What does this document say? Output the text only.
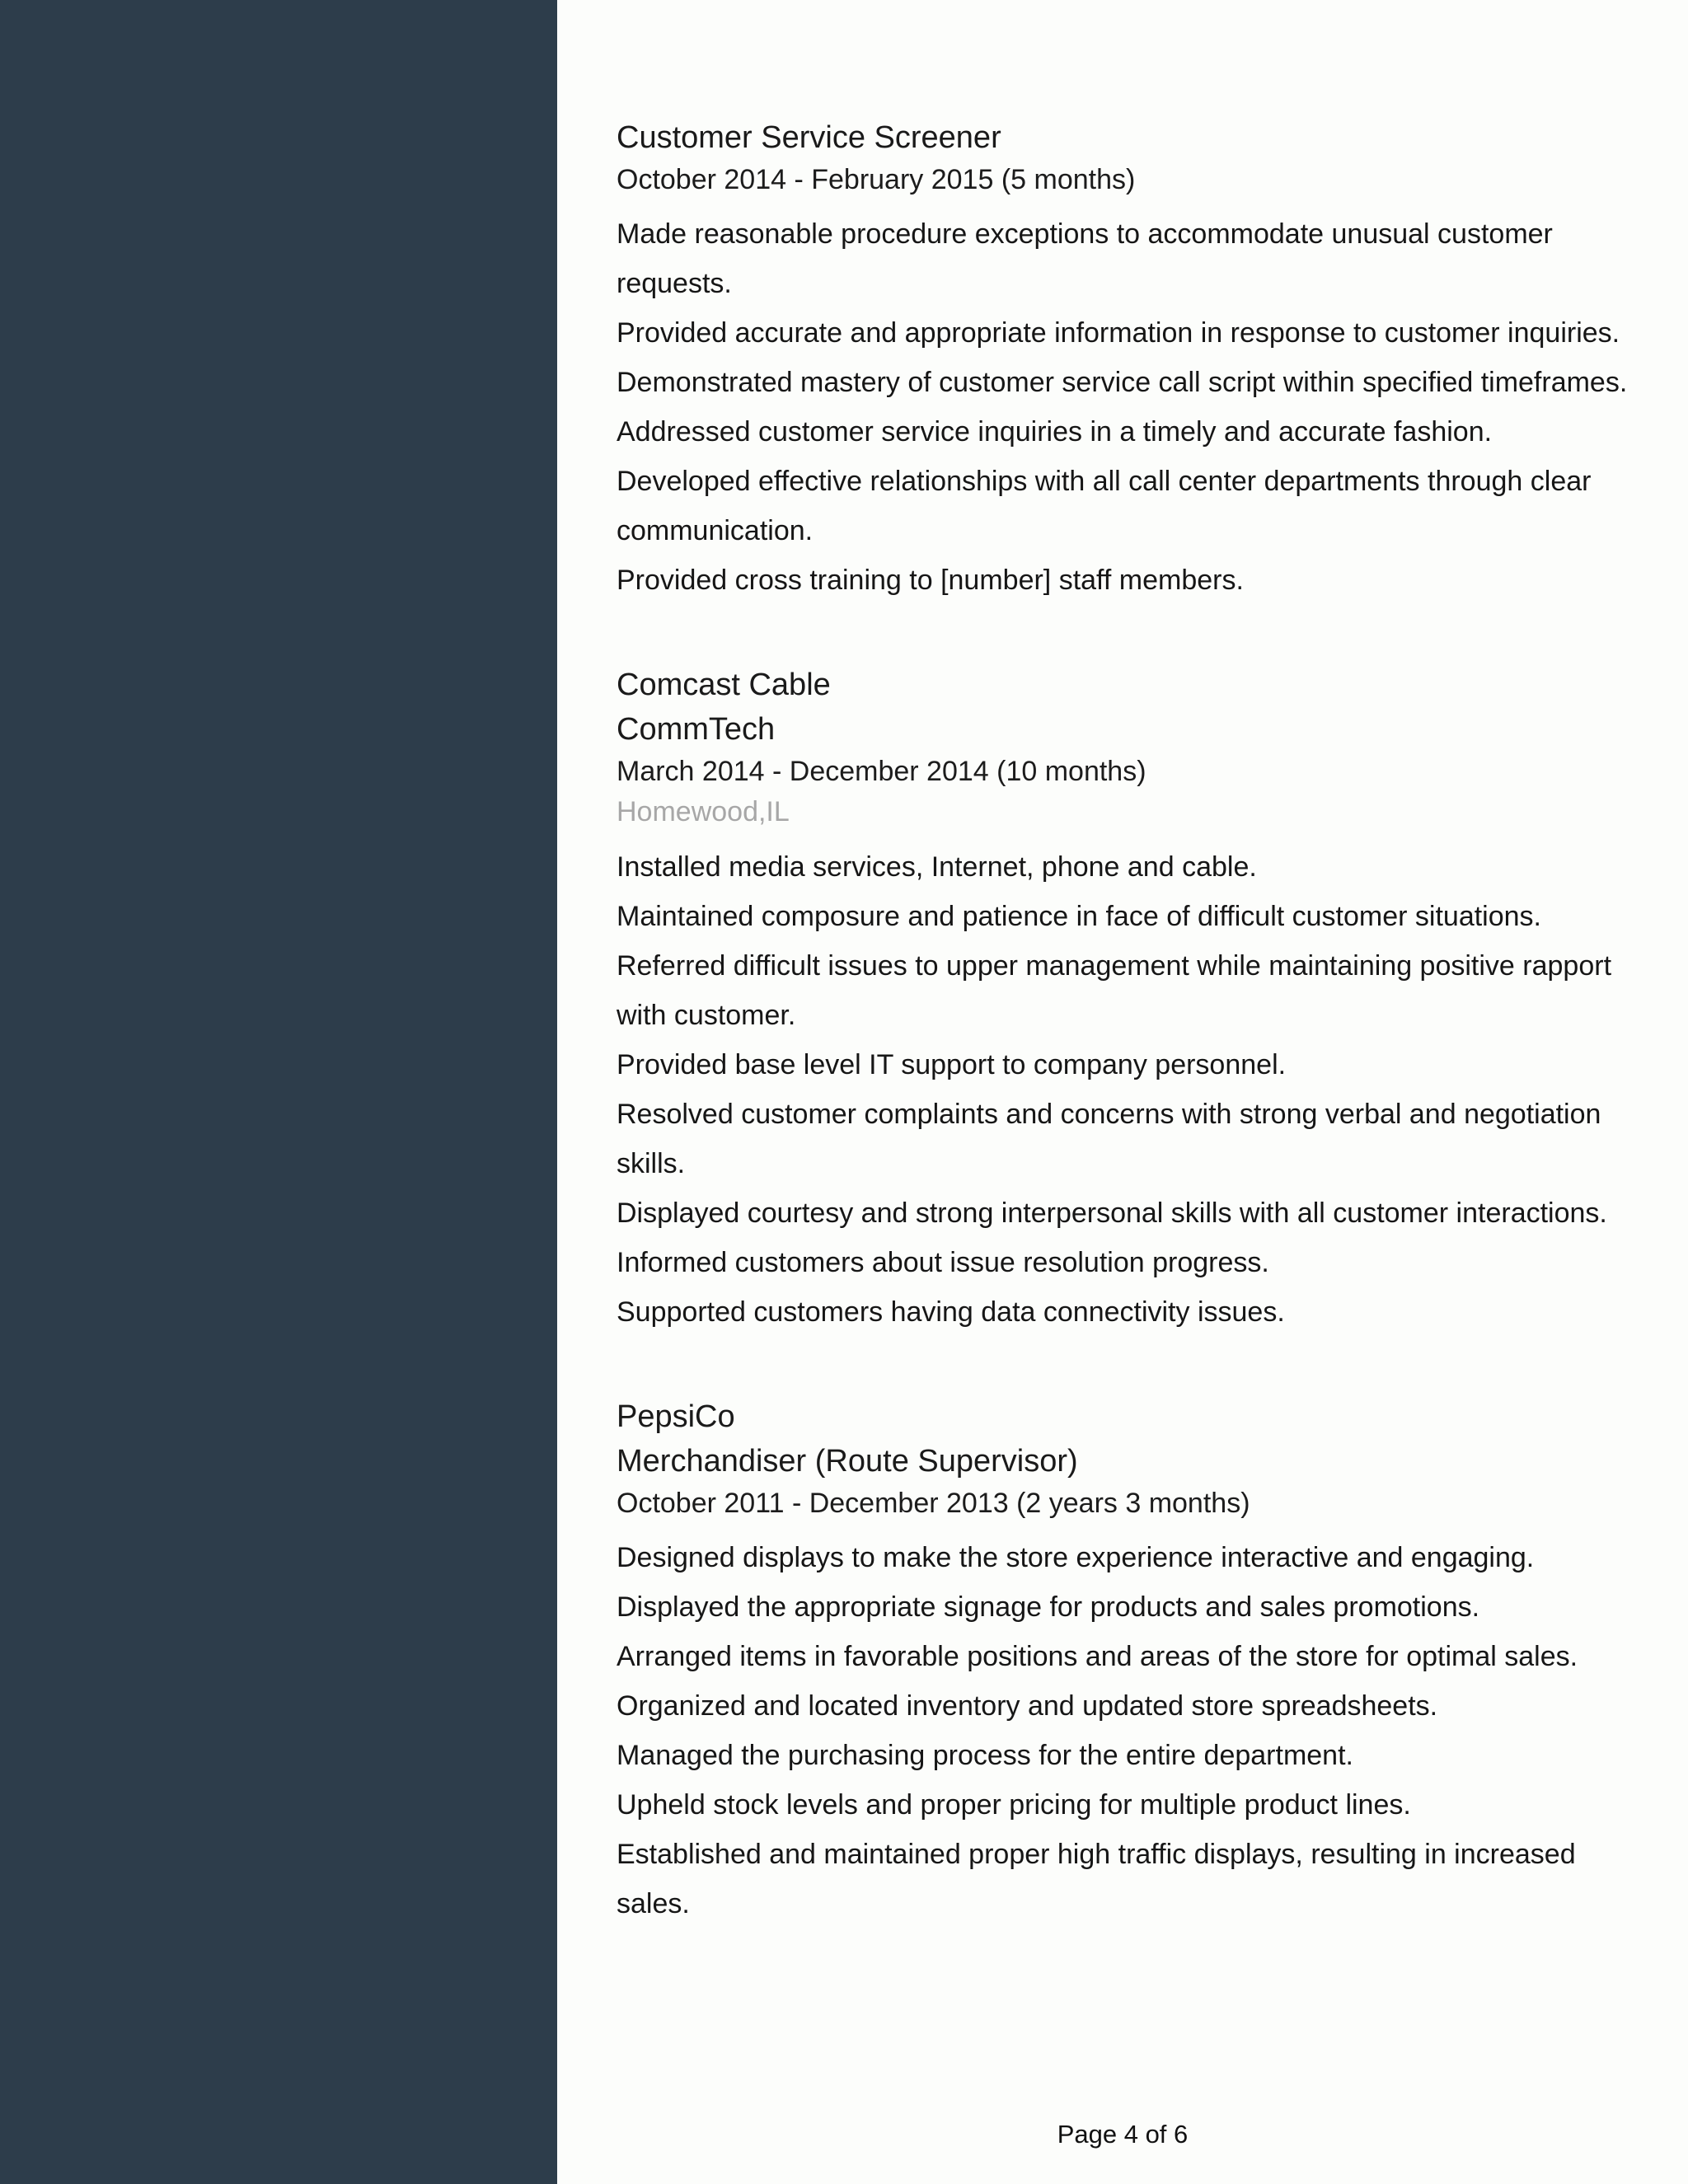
Customer Service Screener
October 2014 - February 2015 (5 months)
Made reasonable procedure exceptions to accommodate unusual customer requests.
Provided accurate and appropriate information in response to customer inquiries.
Demonstrated mastery of customer service call script within specified timeframes.
Addressed customer service inquiries in a timely and accurate fashion.
Developed effective relationships with all call center departments through clear communication.
Provided cross training to [number] staff members.
Comcast Cable
CommTech
March 2014 - December 2014 (10 months)
Homewood,IL
Installed media services, Internet, phone and cable.
Maintained composure and patience in face of difficult customer situations.
Referred difficult issues to upper management while maintaining positive rapport with customer.
Provided base level IT support to company personnel.
Resolved customer complaints and concerns with strong verbal and negotiation skills.
Displayed courtesy and strong interpersonal skills with all customer interactions.
Informed customers about issue resolution progress.
Supported customers having data connectivity issues.
PepsiCo
Merchandiser (Route Supervisor)
October 2011 - December 2013 (2 years 3 months)
Designed displays to make the store experience interactive and engaging.
Displayed the appropriate signage for products and sales promotions.
Arranged items in favorable positions and areas of the store for optimal sales.
Organized and located inventory and updated store spreadsheets.
Managed the purchasing process for the entire department.
Upheld stock levels and proper pricing for multiple product lines.
Established and maintained proper high traffic displays, resulting in increased sales.
Page 4 of 6
